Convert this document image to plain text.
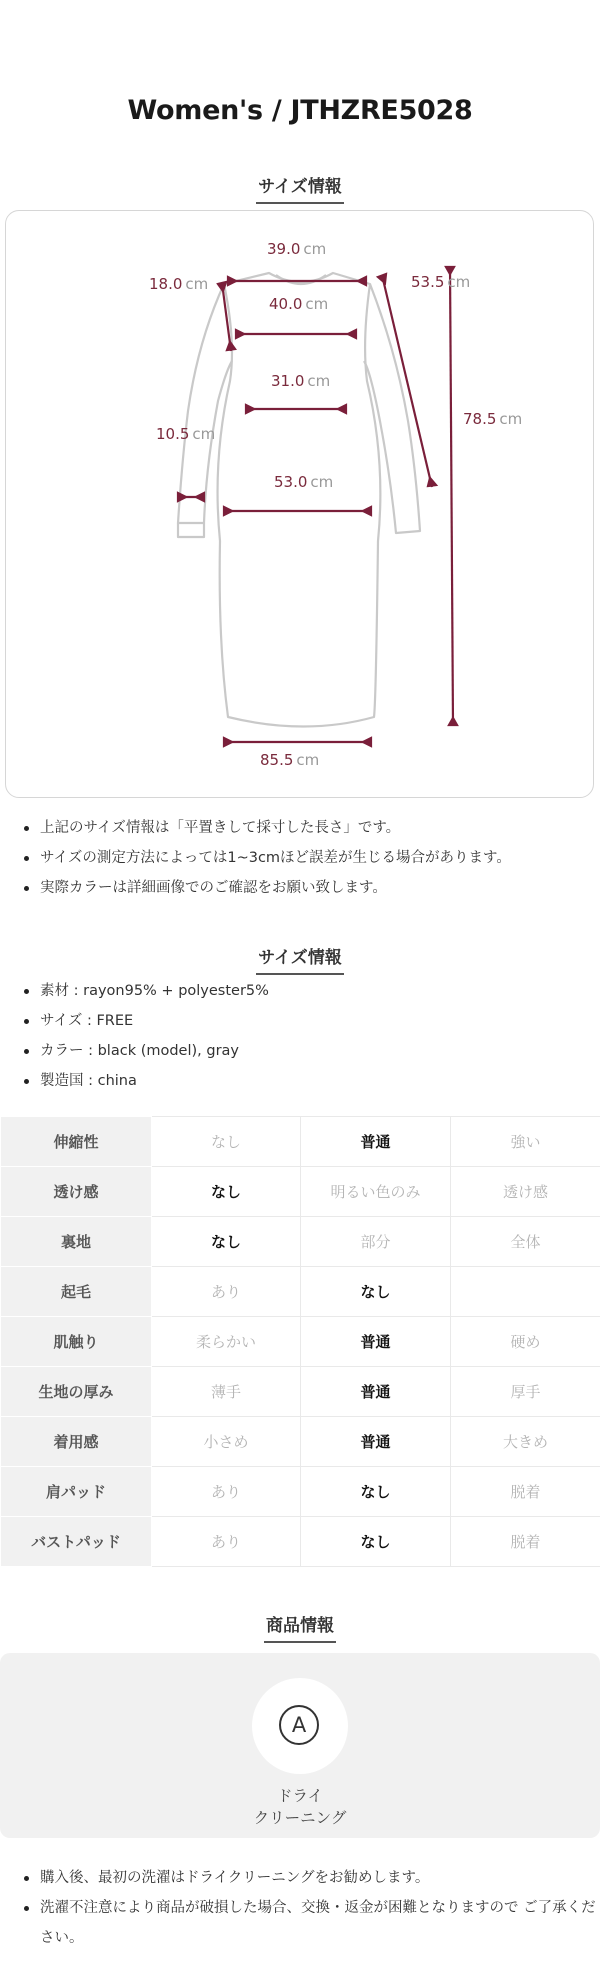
Women's / JTHZRE5028
サイズ情報
39.0 cm
18.0 cm
40.0 cm
53.5 cm
31.0 cm
78.5 cm
10.5 cm
53.0 cm
85.5 cm
上記のサイズ情報は「平置きして採寸した長さ」です。
サイズの測定方法によっては1~3cmほど誤差が生じる場合があります。
実際カラーは詳細画像でのご確認をお願い致します。
サイズ情報
素材 : rayon95% + polyester5%
サイズ : FREE
カラー : black (model), gray
製造国 : china
伸縮性	なし	普通	強い
透け感	なし	明るい色のみ	透け感
裏地	なし	部分	全体
起毛	あり	なし	
肌触り	柔らかい	普通	硬め
生地の厚み	薄手	普通	厚手
着用感	小さめ	普通	大きめ
肩パッド	あり	なし	脱着
バストパッド	あり	なし	脱着
商品情報
A
ドライ
クリーニング
購入後、最初の洗濯はドライクリーニングをお勧めします。
洗濯不注意により商品が破損した場合、交換・返金が困難となりますので ご了承ください。
